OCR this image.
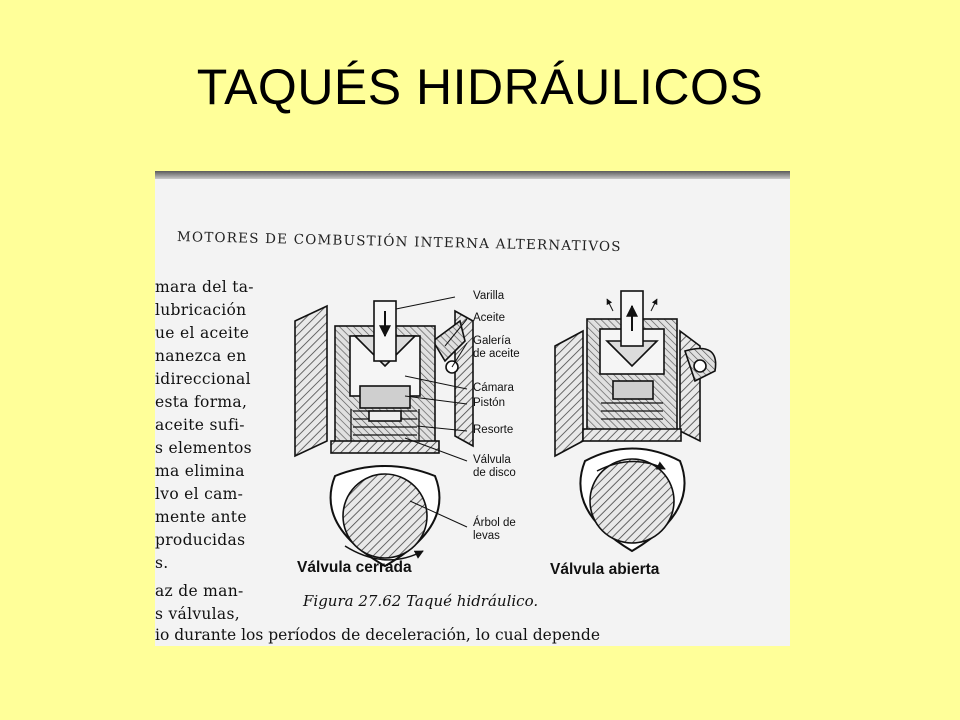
TAQUÉS HIDRÁULICOS
MOTORES DE COMBUSTIÓN INTERNA ALTERNATIVOS
mara del ta-
lubricación
ue el aceite
nanezca en
idireccional
esta forma,
aceite sufi-
s elementos
ma elimina
lvo el cam-
mente ante
producidas
s.
az de man-
s válvulas,
Varilla
Aceite
Galería
de aceite
Cámara
Pistón
Resorte
Válvula
de disco
Árbol de
levas
Válvula cerrada	Válvula abierta
Figura 27.62 Taqué hidráulico.
io durante los períodos de deceleración, lo cual depende
